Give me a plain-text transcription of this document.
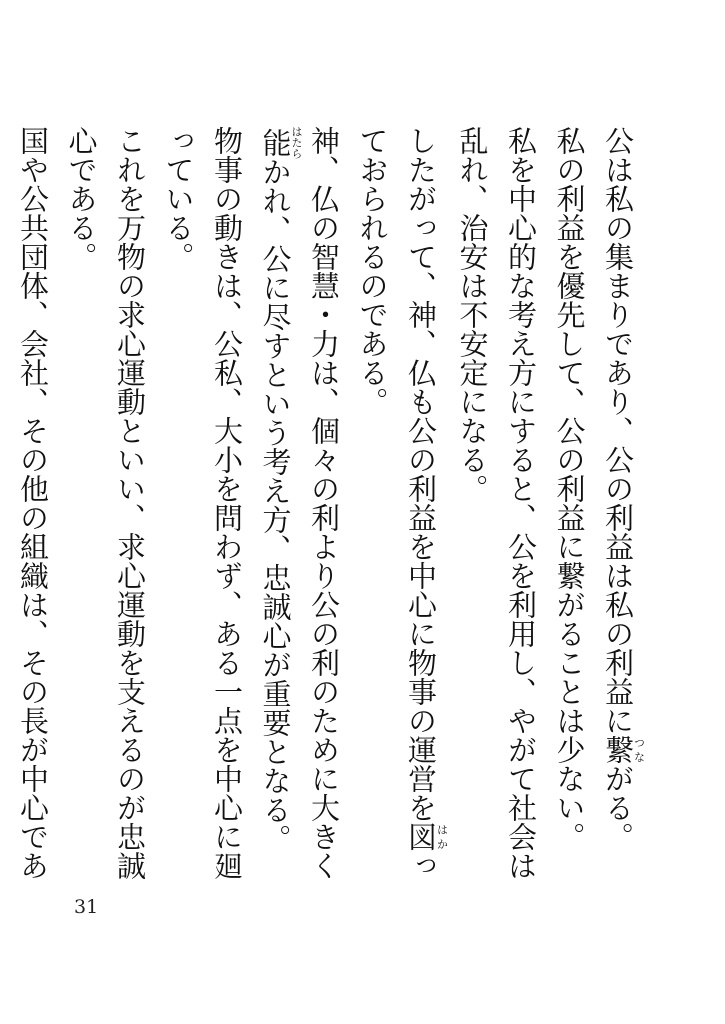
公は私の集まりであり、公の利益は私の利益に繋つながる。

私の利益を優先して、公の利益に繋がることは少ない。

私を中心的な考え方にすると、公を利用し、やがて社会は乱れ、治安は不安定になる。

したがって、神、仏も公の利益を中心に物事の運営を図はかっておられるのである。

神、仏の智慧・力は、個々の利より公の利のために大きく能はたらかれ、公に尽すという考え方、忠誠心が重要となる。

物事の動きは、公私、大小を問わず、ある一点を中心に廻っている。

これを万物の求心運動といい、求心運動を支えるのが忠誠心である。

国や公共団体、会社、その他の組織は、その長が中心であ

31
